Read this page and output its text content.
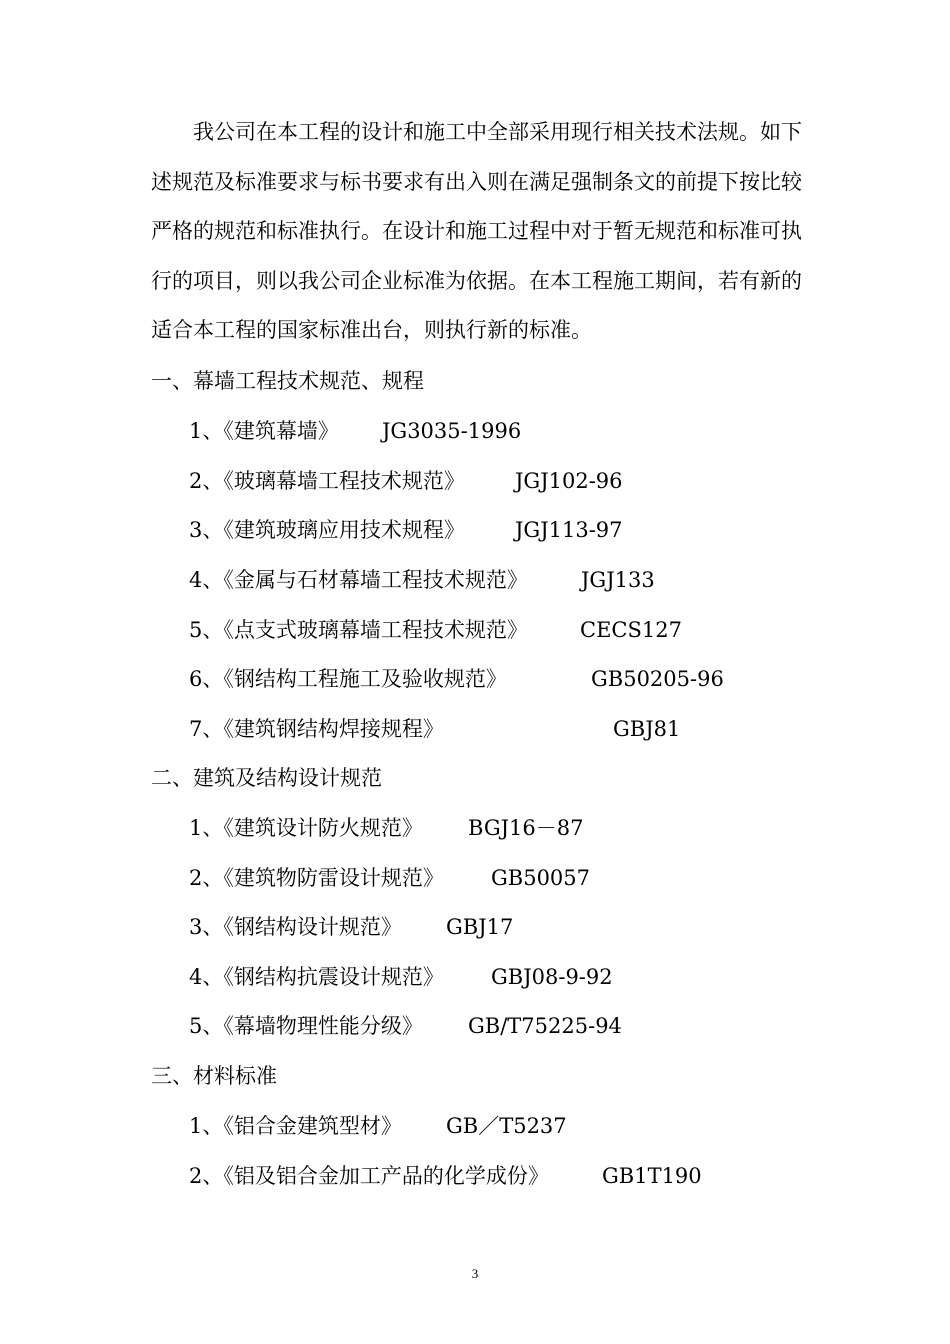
我公司在本工程的设计和施工中全部采用现行相关技术法规。如下
述规范及标准要求与标书要求有出入则在满足强制条文的前提下按比较
严格的规范和标准执行。在设计和施工过程中对于暂无规范和标准可执
行的项目，则以我公司企业标准为依据。在本工程施工期间，若有新的
适合本工程的国家标准出台，则执行新的标准。
一、幕墙工程技术规范、规程
1、《建筑幕墙》 JG3035-1996
2、《玻璃幕墙工程技术规范》 JGJ102-96
3、《建筑玻璃应用技术规程》 JGJ113-97
4、《金属与石材幕墙工程技术规范》	JGJ133
5、《点支式玻璃幕墙工程技术规范》 CECS127
6、《钢结构工程施工及验收规范》	GB50205-96
7、《建筑钢结构焊接规程》	GBJ81
二、建筑及结构设计规范
1、《建筑设计防火规范》 BGJ16－87
2、《建筑物防雷设计规范》 GB50057
3、《钢结构设计规范》 GBJ17
4、《钢结构抗震设计规范》 GBJ08-9-92
5、《幕墙物理性能分级》 GB/T75225-94
三、材料标准
1、《铝合金建筑型材》 GB／T5237
2、《铝及铝合金加工产品的化学成份》	GB1T190
3
